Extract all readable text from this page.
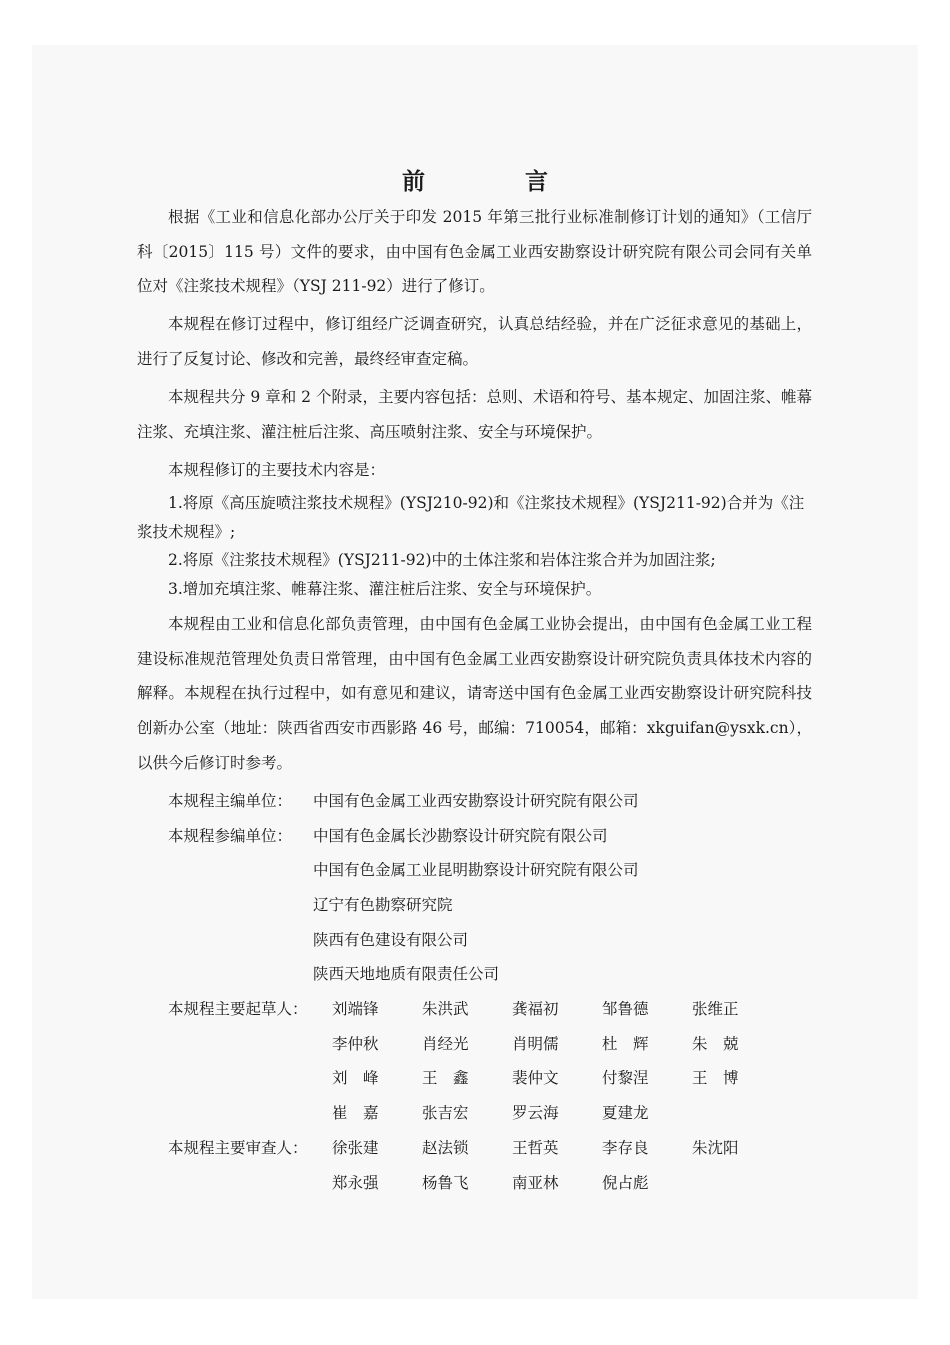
前 言

根据《工业和信息化部办公厅关于印发 2015 年第三批行业标准制修订计划的通知》（工信厅科〔2015〕115 号）文件的要求，由中国有色金属工业西安勘察设计研究院有限公司会同有关单位对《注浆技术规程》（YSJ 211-92）进行了修订。

本规程在修订过程中，修订组经广泛调查研究，认真总结经验，并在广泛征求意见的基础上，进行了反复讨论、修改和完善，最终经审查定稿。

本规程共分 9 章和 2 个附录，主要内容包括：总则、术语和符号、基本规定、加固注浆、帷幕注浆、充填注浆、灌注桩后注浆、高压喷射注浆、安全与环境保护。

本规程修订的主要技术内容是：

1.将原《高压旋喷注浆技术规程》(YSJ210-92)和《注浆技术规程》(YSJ211-92)合并为《注浆技术规程》;

2.将原《注浆技术规程》(YSJ211-92)中的土体注浆和岩体注浆合并为加固注浆;

3.增加充填注浆、帷幕注浆、灌注桩后注浆、安全与环境保护。

本规程由工业和信息化部负责管理，由中国有色金属工业协会提出，由中国有色金属工业工程建设标准规范管理处负责日常管理，由中国有色金属工业西安勘察设计研究院负责具体技术内容的解释。本规程在执行过程中，如有意见和建议，请寄送中国有色金属工业西安勘察设计研究院科技创新办公室（地址：陕西省西安市西影路 46 号，邮编：710054，邮箱：xkguifan@ysxk.cn），以供今后修订时参考。

本规程主编单位：	中国有色金属工业西安勘察设计研究院有限公司
本规程参编单位：	中国有色金属长沙勘察设计研究院有限公司
中国有色金属工业昆明勘察设计研究院有限公司
辽宁有色勘察研究院
陕西有色建设有限公司
陕西天地地质有限责任公司
本规程主要起草人：	刘端锋	朱洪武	龚福初	邹鲁德	张维正
李仲秋	肖经光	肖明儒	杜　辉	朱　兢
刘　峰	王　鑫	裴仲文	付黎涅	王　博
崔　嘉	张吉宏	罗云海	夏建龙
本规程主要审查人：	徐张建	赵法锁	王哲英	李存良	朱沈阳
郑永强	杨鲁飞	南亚林	倪占彪
